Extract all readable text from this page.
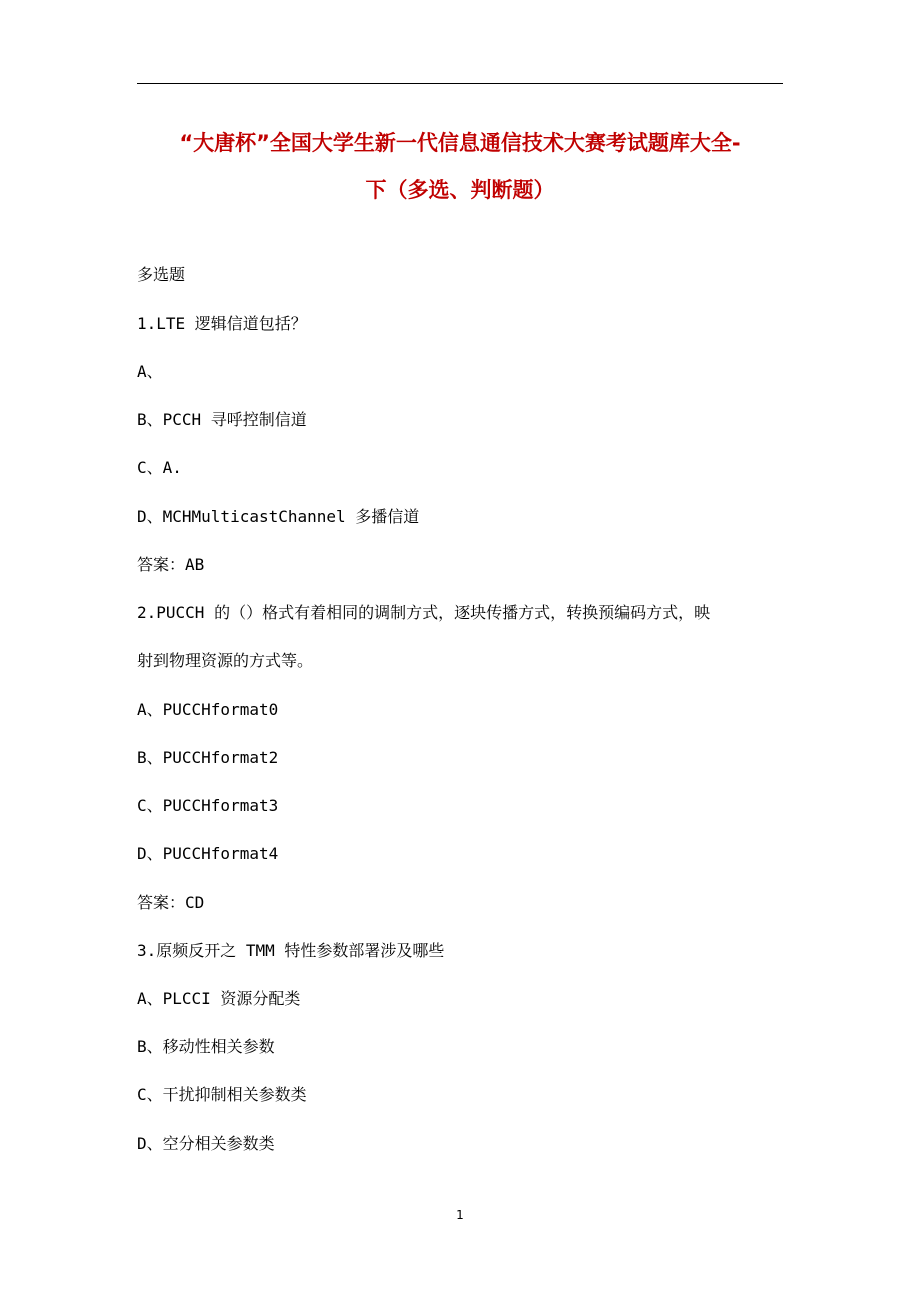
“大唐杯”全国大学生新一代信息通信技术大赛考试题库大全-
下（多选、判断题）
多选题
1.LTE 逻辑信道包括？
A、
B、PCCH 寻呼控制信道
C、A.
D、MCHMulticastChannel 多播信道
答案：AB
2.PUCCH 的（）格式有着相同的调制方式，逐块传播方式，转换预编码方式，映
射到物理资源的方式等。
A、PUCCHformat0
B、PUCCHformat2
C、PUCCHformat3
D、PUCCHformat4
答案：CD
3.原频反开之 TMM 特性参数部署涉及哪些
A、PLCCI 资源分配类
B、移动性相关参数
C、干扰抑制相关参数类
D、空分相关参数类
1
